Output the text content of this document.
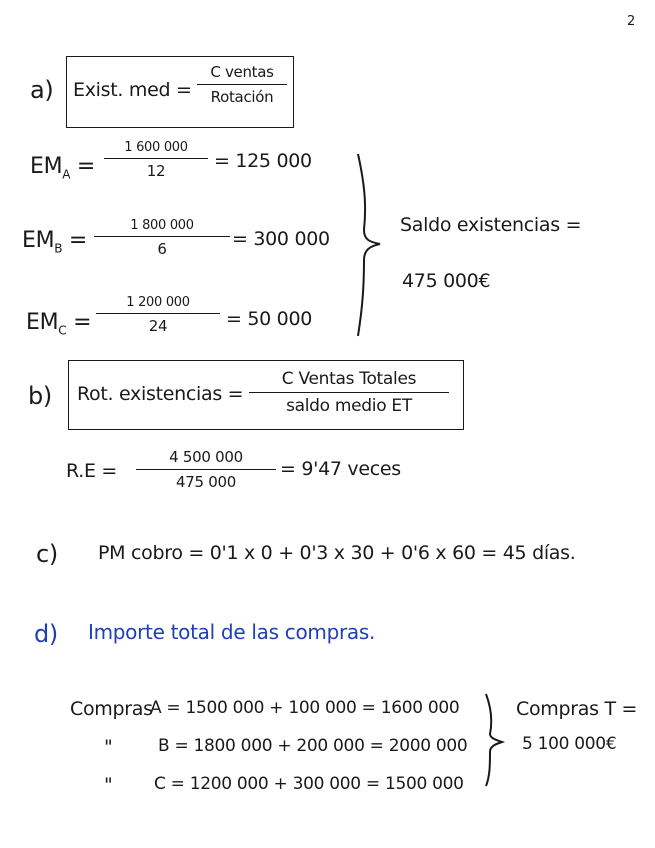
2
a) Exist. med =
C ventas
Rotación
$EM_A$ =
1 600 000
12	= 125 000
$EM_B$ =
1 800 000
6	= 300 000
$EM_C$ =
1 200 000
24	= 50 000
Saldo existencias =
475 000€
b) Rot. existencias =
C Ventas Totales
saldo medio ET
R.E =
4 500 000
475 000
= 9'47 veces
c) PM cobro = 0'1 x 0 + 0'3 x 30 + 0'6 x 60 = 45 días.
d) Importe total de las compras.
Compras
A = 1500 000 + 100 000 = 1600 000
"	B = 1800 000 + 200 000 = 2000 000
" C = 1200 000 + 300 000 = 1500 000
Compras T =
5 100 000€
